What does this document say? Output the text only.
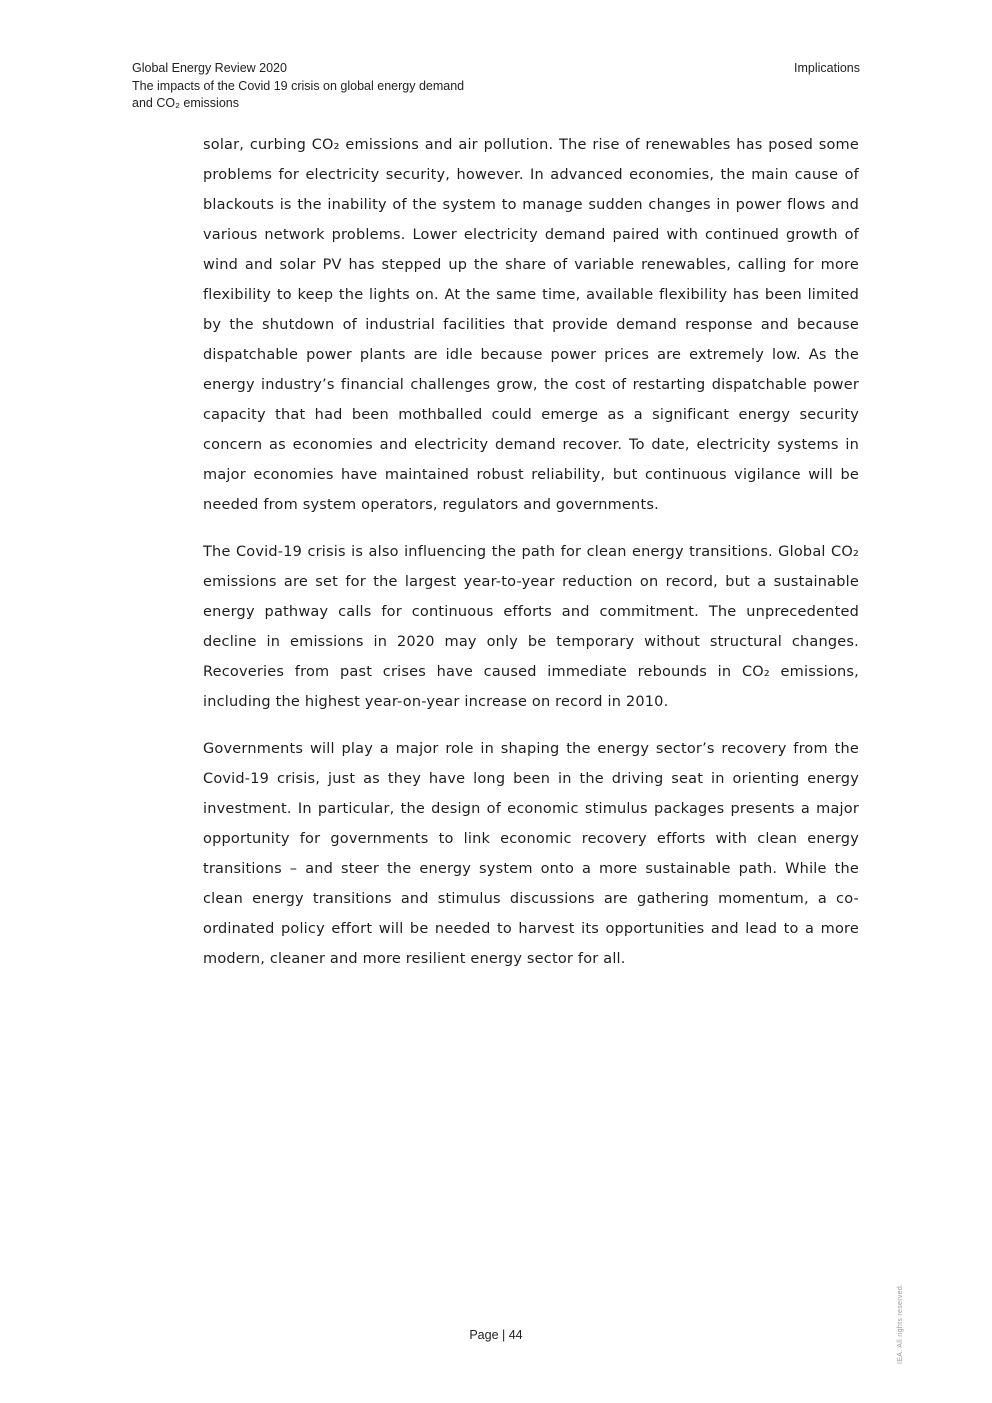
Global Energy Review 2020
The impacts of the Covid 19 crisis on global energy demand
and CO₂ emissions
Implications

solar, curbing CO₂ emissions and air pollution. The rise of renewables has posed some problems for electricity security, however. In advanced economies, the main cause of blackouts is the inability of the system to manage sudden changes in power flows and various network problems. Lower electricity demand paired with continued growth of wind and solar PV has stepped up the share of variable renewables, calling for more flexibility to keep the lights on. At the same time, available flexibility has been limited by the shutdown of industrial facilities that provide demand response and because dispatchable power plants are idle because power prices are extremely low. As the energy industry’s financial challenges grow, the cost of restarting dispatchable power capacity that had been mothballed could emerge as a significant energy security concern as economies and electricity demand recover. To date, electricity systems in major economies have maintained robust reliability, but continuous vigilance will be needed from system operators, regulators and governments.

The Covid-19 crisis is also influencing the path for clean energy transitions. Global CO₂ emissions are set for the largest year-to-year reduction on record, but a sustainable energy pathway calls for continuous efforts and commitment. The unprecedented decline in emissions in 2020 may only be temporary without structural changes. Recoveries from past crises have caused immediate rebounds in CO₂ emissions, including the highest year-on-year increase on record in 2010.

Governments will play a major role in shaping the energy sector’s recovery from the Covid-19 crisis, just as they have long been in the driving seat in orienting energy investment. In particular, the design of economic stimulus packages presents a major opportunity for governments to link economic recovery efforts with clean energy transitions – and steer the energy system onto a more sustainable path. While the clean energy transitions and stimulus discussions are gathering momentum, a co-ordinated policy effort will be needed to harvest its opportunities and lead to a more modern, cleaner and more resilient energy sector for all.

Page | 44	IEA. All rights reserved.
